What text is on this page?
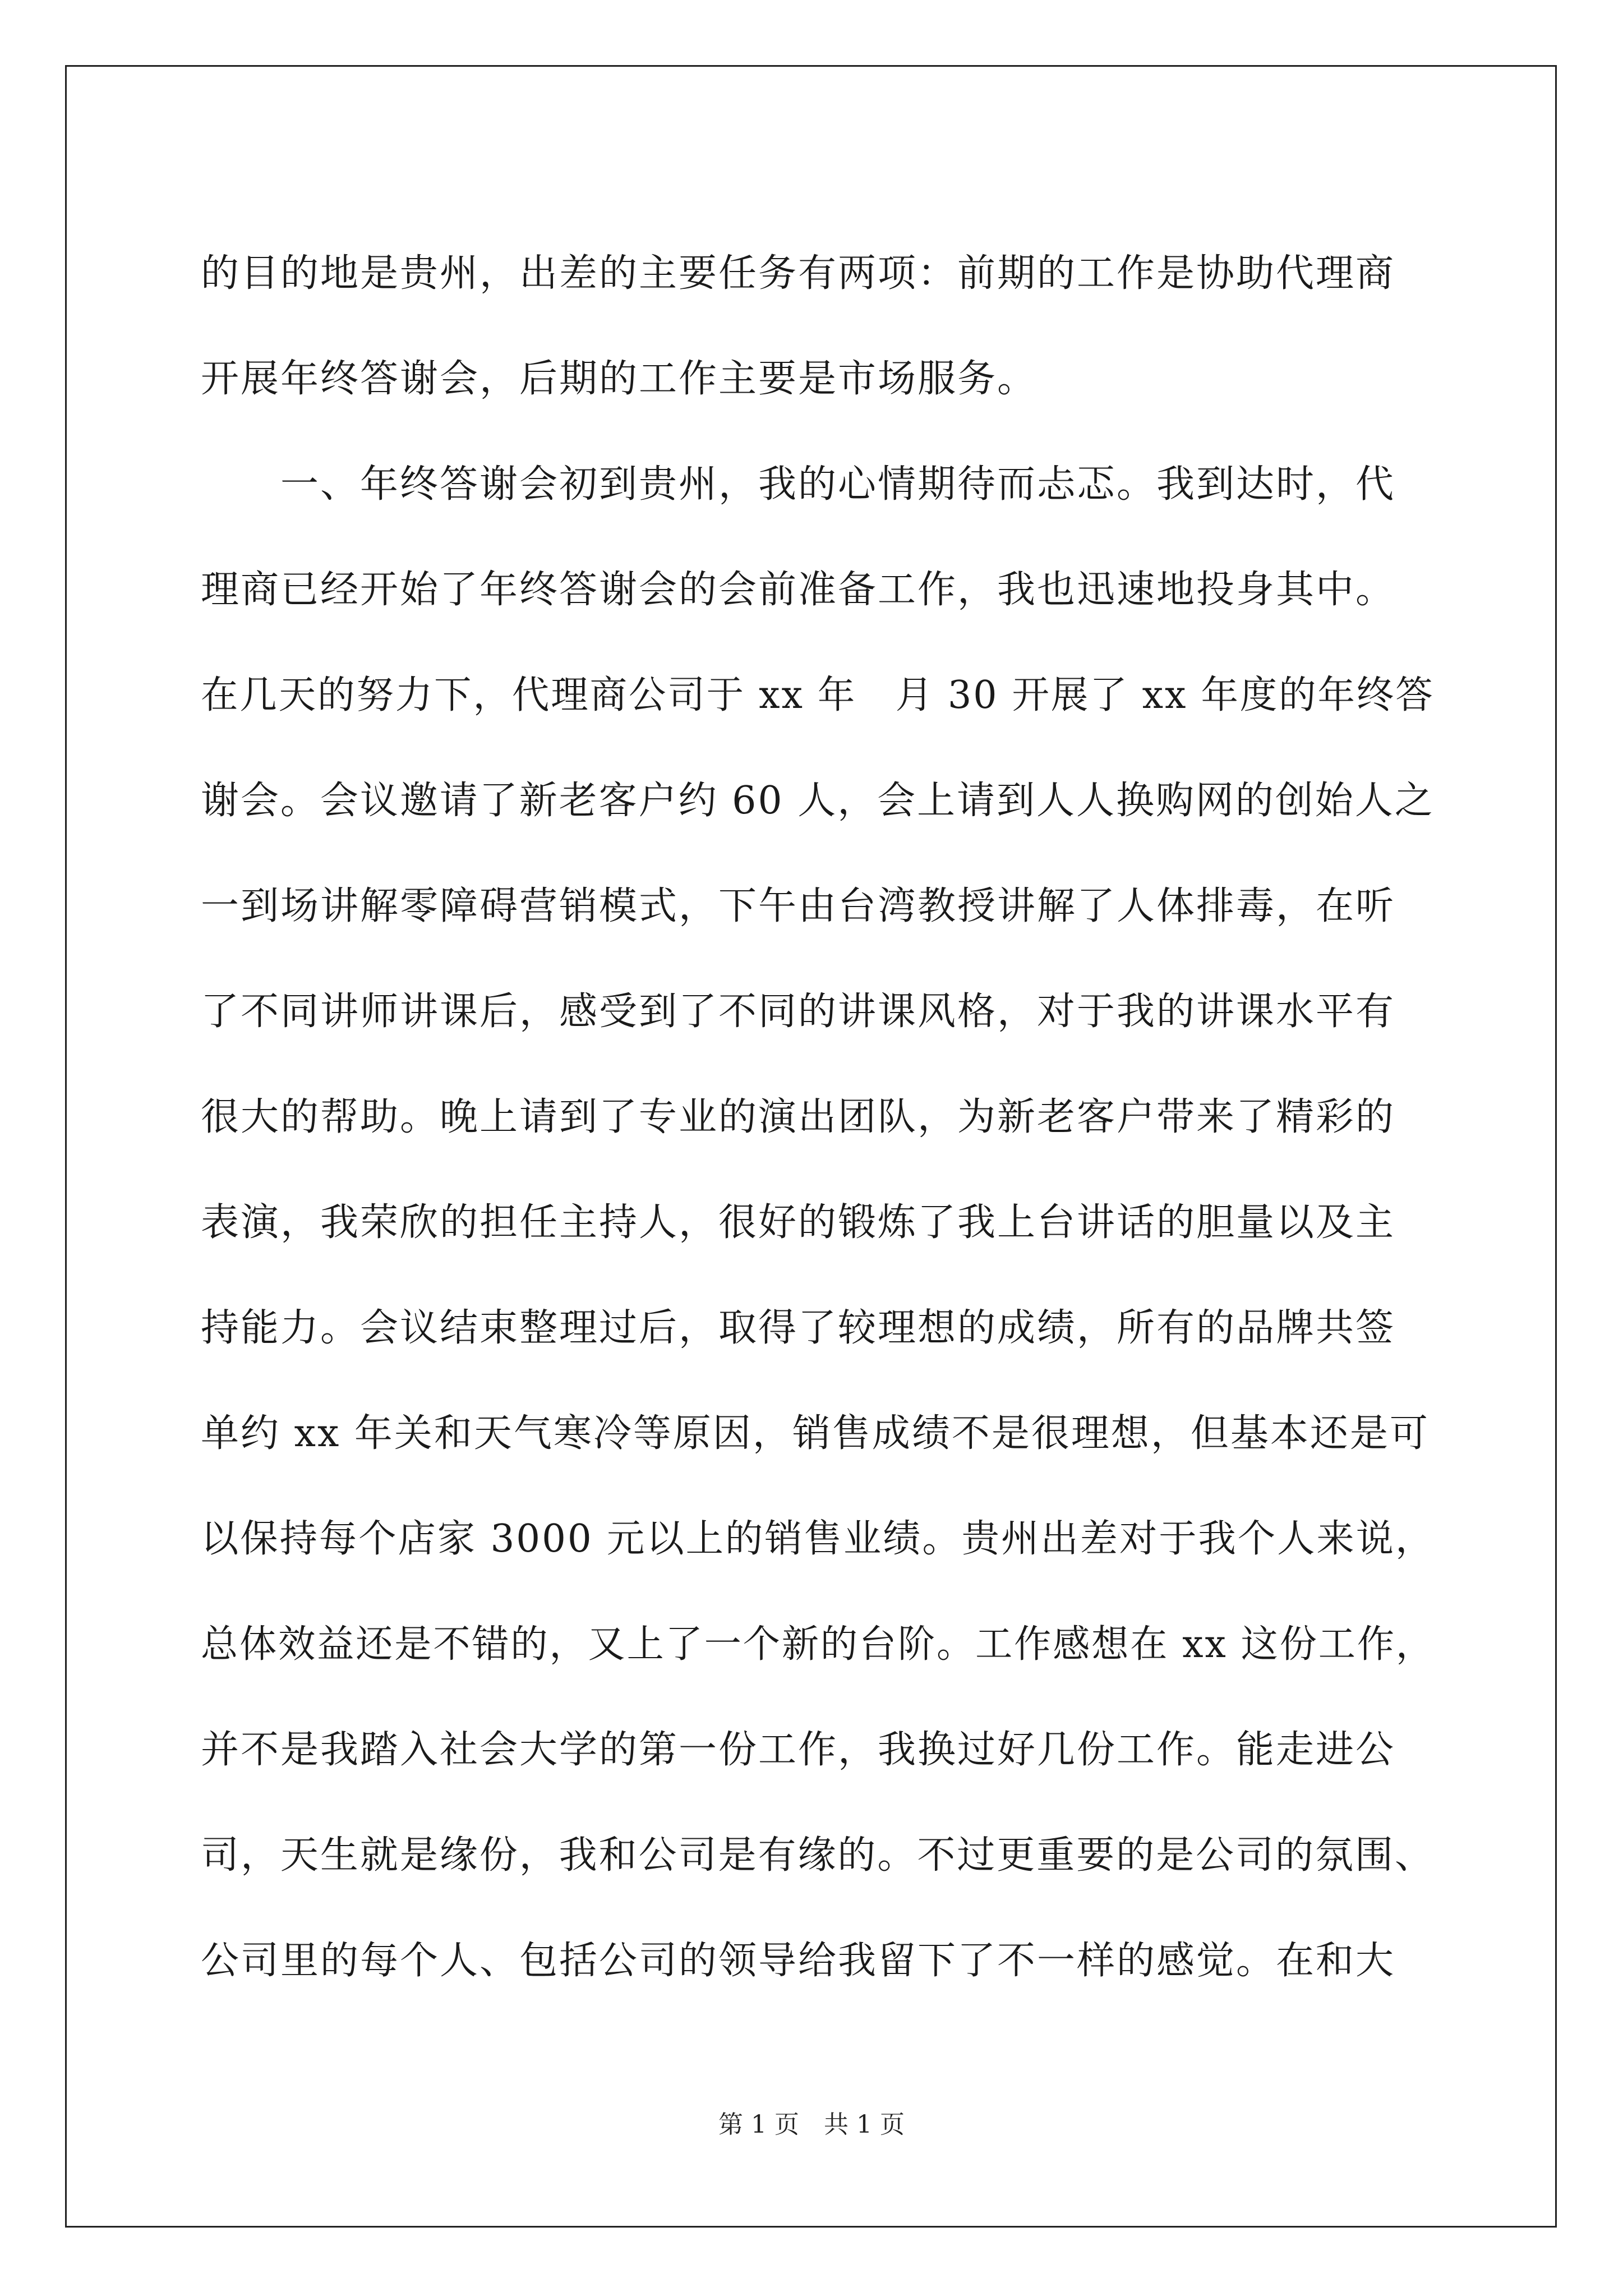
的目的地是贵州，出差的主要任务有两项：前期的工作是协助代理商
开展年终答谢会，后期的工作主要是市场服务。
　　一、年终答谢会初到贵州，我的心情期待而忐忑。我到达时，代
理商已经开始了年终答谢会的会前准备工作，我也迅速地投身其中。
在几天的努力下，代理商公司于 xx 年　月 30 开展了 xx 年度的年终答
谢会。会议邀请了新老客户约 60 人，会上请到人人换购网的创始人之
一到场讲解零障碍营销模式，下午由台湾教授讲解了人体排毒，在听
了不同讲师讲课后，感受到了不同的讲课风格，对于我的讲课水平有
很大的帮助。晚上请到了专业的演出团队，为新老客户带来了精彩的
表演，我荣欣的担任主持人，很好的锻炼了我上台讲话的胆量以及主
持能力。会议结束整理过后，取得了较理想的成绩，所有的品牌共签
单约 xx 年关和天气寒冷等原因，销售成绩不是很理想，但基本还是可
以保持每个店家 3000 元以上的销售业绩。贵州出差对于我个人来说，
总体效益还是不错的，又上了一个新的台阶。工作感想在 xx 这份工作，
并不是我踏入社会大学的第一份工作，我换过好几份工作。能走进公
司，天生就是缘份，我和公司是有缘的。不过更重要的是公司的氛围、
公司里的每个人、包括公司的领导给我留下了不一样的感觉。在和大
第 1 页　共 1 页
